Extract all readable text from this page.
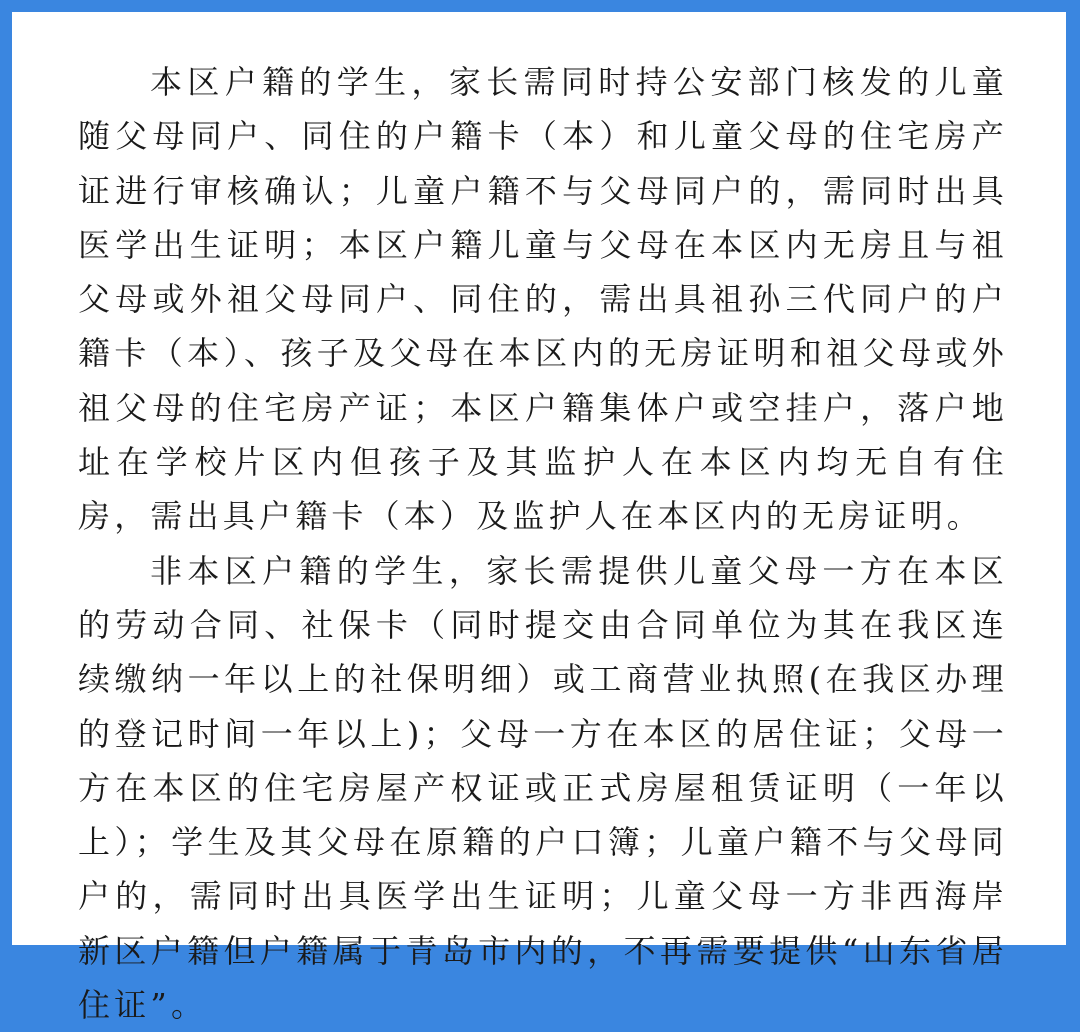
本区户籍的学生，家长需同时持公安部门核发的儿童随父母同户、同住的户籍卡（本）和儿童父母的住宅房产证进行审核确认；儿童户籍不与父母同户的，需同时出具医学出生证明；本区户籍儿童与父母在本区内无房且与祖父母或外祖父母同户、同住的，需出具祖孙三代同户的户籍卡（本）、孩子及父母在本区内的无房证明和祖父母或外祖父母的住宅房产证；本区户籍集体户或空挂户，落户地址在学校片区内但孩子及其监护人在本区内均无自有住房，需出具户籍卡（本）及监护人在本区内的无房证明。

非本区户籍的学生，家长需提供儿童父母一方在本区的劳动合同、社保卡（同时提交由合同单位为其在我区连续缴纳一年以上的社保明细）或工商营业执照(在我区办理的登记时间一年以上)；父母一方在本区的居住证；父母一方在本区的住宅房屋产权证或正式房屋租赁证明（一年以上）；学生及其父母在原籍的户口簿；儿童户籍不与父母同户的，需同时出具医学出生证明；儿童父母一方非西海岸新区户籍但户籍属于青岛市内的，不再需要提供“山东省居住证”。
